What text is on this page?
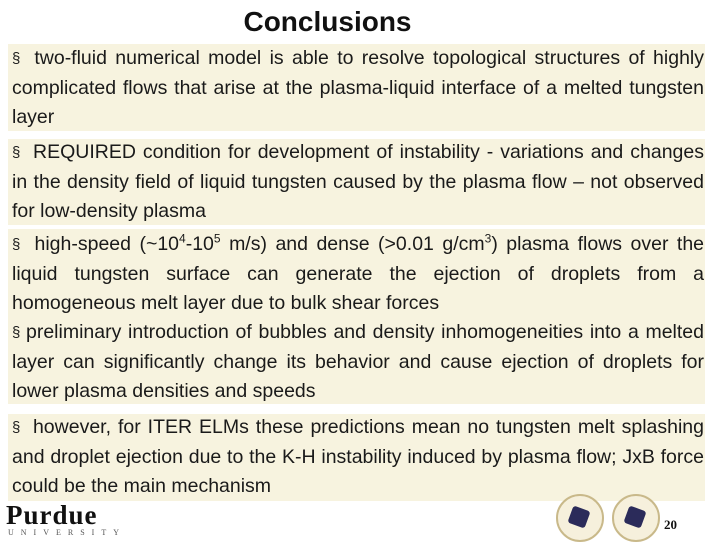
Conclusions

§ two-fluid numerical model is able to resolve topological structures of highly complicated flows that arise at the plasma-liquid interface of a melted tungsten layer

§ REQUIRED condition for development of instability - variations and changes in the density field of liquid tungsten caused by the plasma flow – not observed for low-density plasma

§ high-speed ($\sim 10^4-10^5$ m/s) and dense (>0.01 $g/cm^3$) plasma flows over the liquid tungsten surface can generate the ejection of droplets from a homogeneous melt layer due to bulk shear forces

§ preliminary introduction of bubbles and density inhomogeneities into a melted layer can significantly change its behavior and cause ejection of droplets for lower plasma densities and speeds

§ however, for ITER ELMs these predictions mean no tungsten melt splashing and droplet ejection due to the K-H instability induced by plasma flow; JxB force could be the main mechanism

Purdue
UNIVERSITY
20
